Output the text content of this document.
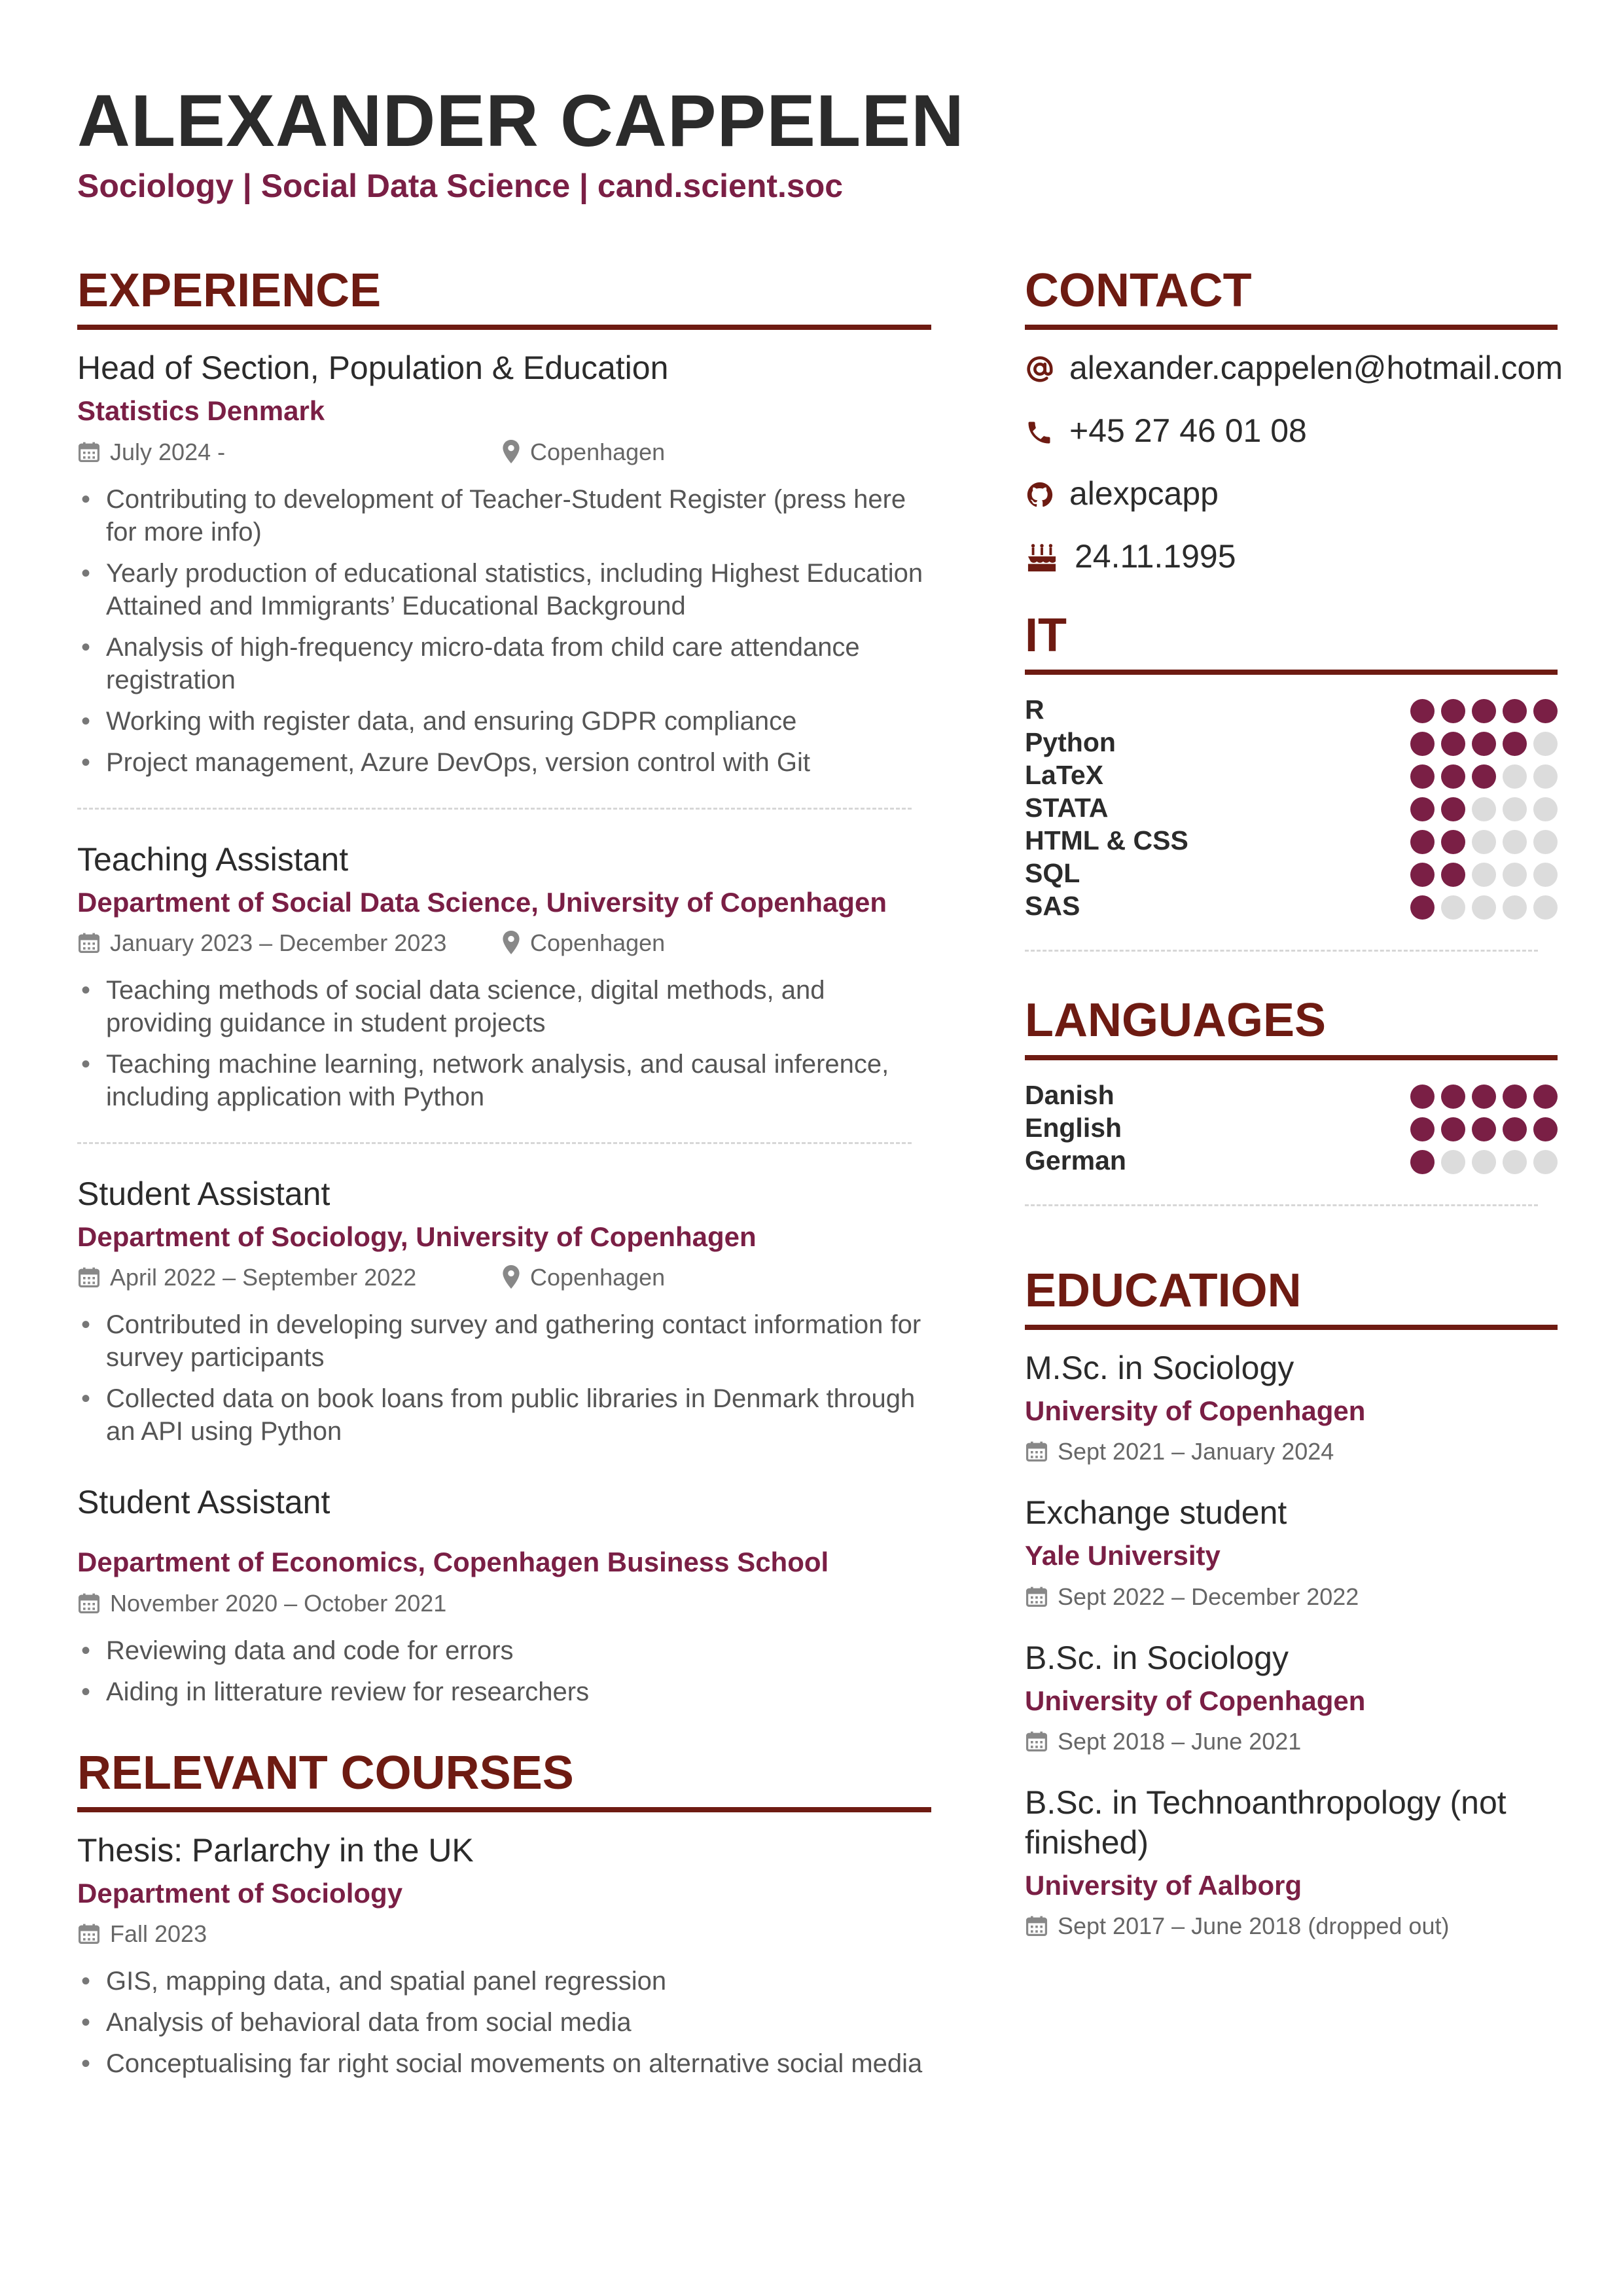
ALEXANDER CAPPELEN
Sociology | Social Data Science | cand.scient.soc
EXPERIENCE
Head of Section, Population & Education
Statistics Denmark
July 2024 -	Copenhagen
• Contributing to development of Teacher-Student Register (press here for more info)
• Yearly production of educational statistics, including Highest Education Attained and Immigrants’ Educational Background
• Analysis of high-frequency micro-data from child care attendance registration
• Working with register data, and ensuring GDPR compliance
• Project management, Azure DevOps, version control with Git
Teaching Assistant
Department of Social Data Science, University of Copenhagen
January 2023 – December 2023	Copenhagen
• Teaching methods of social data science, digital methods, and providing guidance in student projects
• Teaching machine learning, network analysis, and causal inference, including application with Python
Student Assistant
Department of Sociology, University of Copenhagen
April 2022 – September 2022	Copenhagen
• Contributed in developing survey and gathering contact information for survey participants
• Collected data on book loans from public libraries in Denmark through an API using Python
Student Assistant
Department of Economics, Copenhagen Business School
November 2020 – October 2021
• Reviewing data and code for errors
• Aiding in litterature review for researchers
RELEVANT COURSES
Thesis: Parlarchy in the UK
Department of Sociology
Fall 2023
• GIS, mapping data, and spatial panel regression
• Analysis of behavioral data from social media
• Conceptualising far right social movements on alternative social media
CONTACT
alexander.cappelen@hotmail.com
+45 27 46 01 08
alexpcapp
24.11.1995
IT
R
Python
LaTeX
STATA
HTML & CSS
SQL
SAS
LANGUAGES
Danish
English
German
EDUCATION
M.Sc. in Sociology
University of Copenhagen
Sept 2021 – January 2024
Exchange student
Yale University
Sept 2022 – December 2022
B.Sc. in Sociology
University of Copenhagen
Sept 2018 – June 2021
B.Sc. in Technoanthropology (not finished)
University of Aalborg
Sept 2017 – June 2018 (dropped out)
